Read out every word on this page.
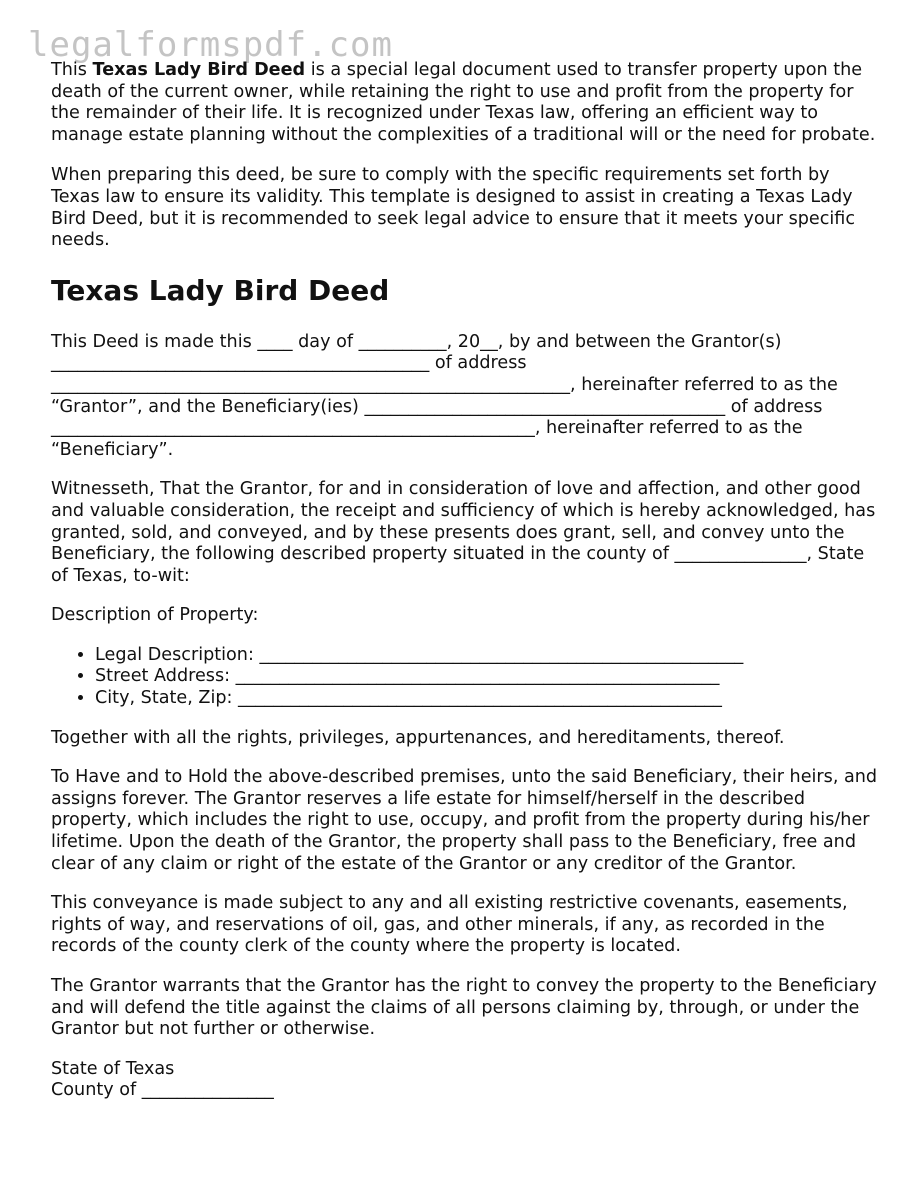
legalformspdf.com

This Texas Lady Bird Deed is a special legal document used to transfer property upon the death of the current owner, while retaining the right to use and profit from the property for the remainder of their life. It is recognized under Texas law, offering an efficient way to manage estate planning without the complexities of a traditional will or the need for probate.

When preparing this deed, be sure to comply with the specific requirements set forth by Texas law to ensure its validity. This template is designed to assist in creating a Texas Lady Bird Deed, but it is recommended to seek legal advice to ensure that it meets your specific needs.

Texas Lady Bird Deed

This Deed is made this ____ day of __________, 20__, by and between the Grantor(s) ___________________________________________ of address ___________________________________________________________, hereinafter referred to as the “Grantor”, and the Beneficiary(ies) _________________________________________ of address _______________________________________________________, hereinafter referred to as the “Beneficiary”.

Witnesseth, That the Grantor, for and in consideration of love and affection, and other good and valuable consideration, the receipt and sufficiency of which is hereby acknowledged, has granted, sold, and conveyed, and by these presents does grant, sell, and convey unto the Beneficiary, the following described property situated in the county of _______________, State of Texas, to-wit:

Description of Property:

• Legal Description: _______________________________________________________
• Street Address: _______________________________________________________
• City, State, Zip: _______________________________________________________

Together with all the rights, privileges, appurtenances, and hereditaments, thereof.

To Have and to Hold the above-described premises, unto the said Beneficiary, their heirs, and assigns forever. The Grantor reserves a life estate for himself/herself in the described property, which includes the right to use, occupy, and profit from the property during his/her lifetime. Upon the death of the Grantor, the property shall pass to the Beneficiary, free and clear of any claim or right of the estate of the Grantor or any creditor of the Grantor.

This conveyance is made subject to any and all existing restrictive covenants, easements, rights of way, and reservations of oil, gas, and other minerals, if any, as recorded in the records of the county clerk of the county where the property is located.

The Grantor warrants that the Grantor has the right to convey the property to the Beneficiary and will defend the title against the claims of all persons claiming by, through, or under the Grantor but not further or otherwise.

State of Texas
County of _______________
